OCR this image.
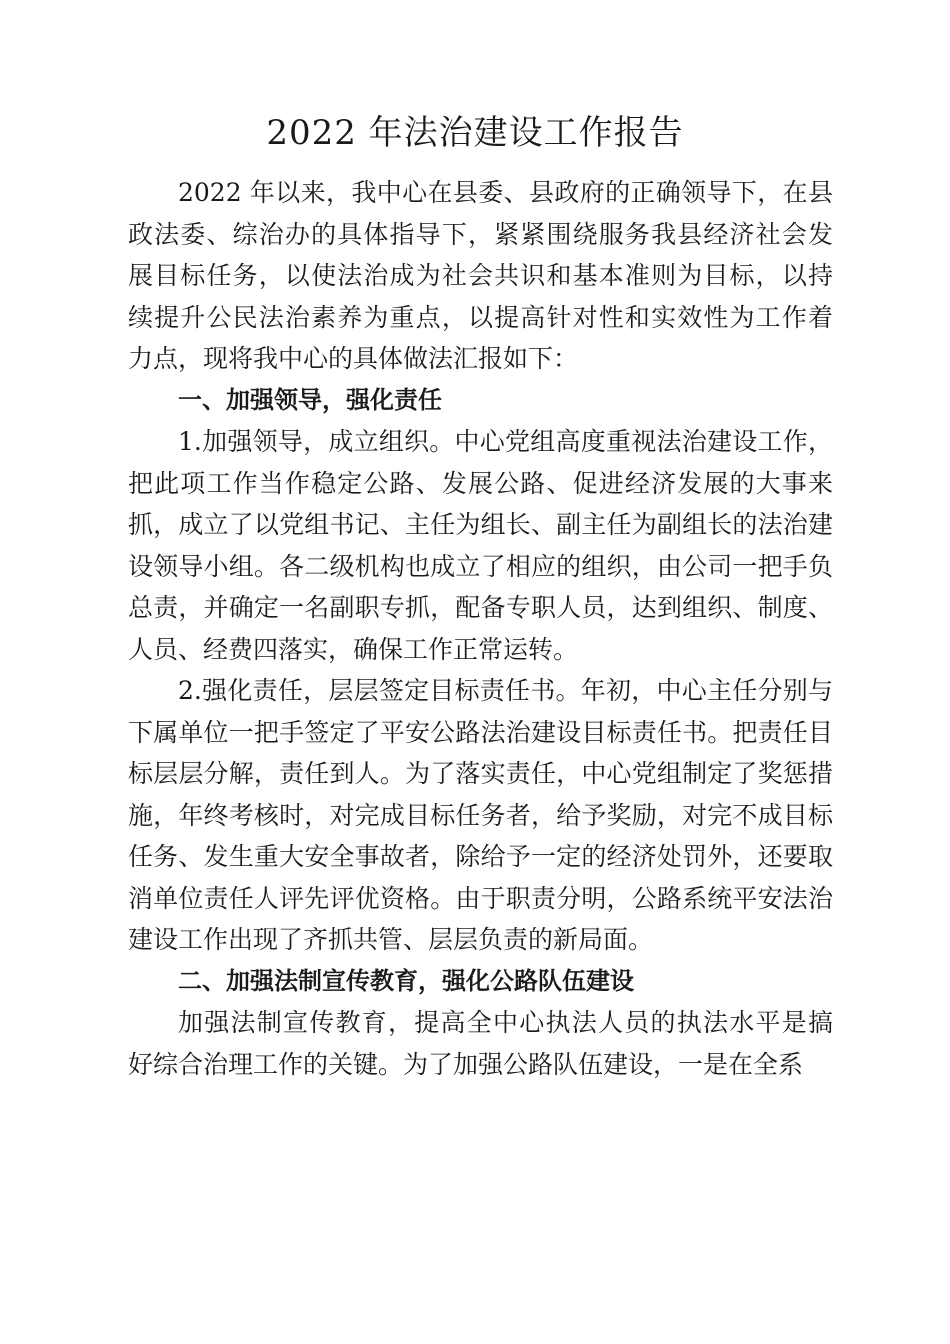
2022 年法治建设工作报告

2022 年以来，我中心在县委、县政府的正确领导下，在县政法委、综治办的具体指导下，紧紧围绕服务我县经济社会发 展目标任务，以使法治成为社会共识和基本准则为目标，以持 续提升公民法治素养为重点，以提高针对性和实效性为工作着 力点，现将我中心的具体做法汇报如下：

一、加强领导，强化责任

1.加强领导，成立组织。中心党组高度重视法治建设工作， 把此项工作当作稳定公路、发展公路、促进经济发展的大事来抓，成立了以党组书记、主任为组长、副主任为副组长的法治建设领导小组。各二级机构也成立了相应的组织，由公司一把手负总责，并确定一名副职专抓，配备专职人员，达到组织、制度、人员、经费四落实，确保工作正常运转。

2.强化责任，层层签定目标责任书。年初，中心主任分别与下属单位一把手签定了平安公路法治建设目标责任书。把责任目标层层分解，责任到人。为了落实责任，中心党组制定了奖惩措施，年终考核时，对完成目标任务者，给予奖励，对完不成目标任务、发生重大安全事故者，除给予一定的经济处罚外，还要取消单位责任人评先评优资格。由于职责分明，公路系统平安法治建设工作出现了齐抓共管、层层负责的新局面。

二、加强法制宣传教育，强化公路队伍建设

加强法制宣传教育，提高全中心执法人员的执法水平是搞 好综合治理工作的关键。为了加强公路队伍建设，一是在全系
